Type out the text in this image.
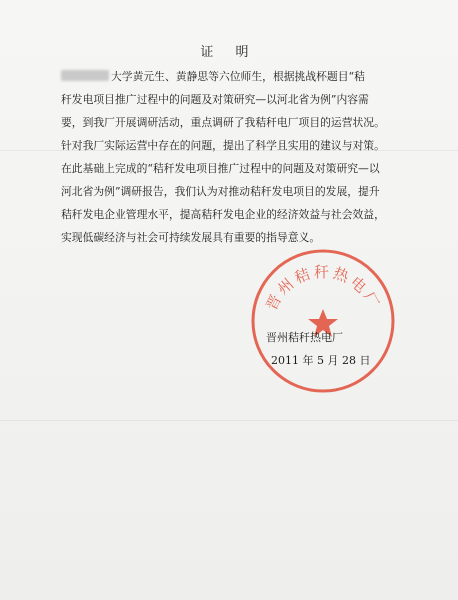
证 明
大学黄元生、黄静思等六位师生，根据挑战杯题目“秸
秆发电项目推广过程中的问题及对策研究—以河北省为例”内容需
要，到我厂开展调研活动，重点调研了我秸秆电厂项目的运营状况。
针对我厂实际运营中存在的问题，提出了科学且实用的建议与对策。
在此基础上完成的“秸秆发电项目推广过程中的问题及对策研究—以
河北省为例”调研报告，我们认为对推动秸秆发电项目的发展，提升
秸秆发电企业管理水平，提高秸秆发电企业的经济效益与社会效益，
实现低碳经济与社会可持续发展具有重要的指导意义。
晋州秸秆热电厂
晋州秸秆热电厂
2011 年 5 月 28 日
